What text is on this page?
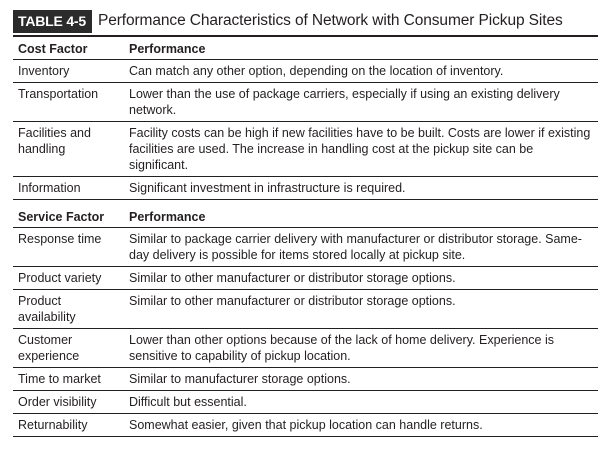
TABLE 4-5 Performance Characteristics of Network with Consumer Pickup Sites
Cost Factor	Performance
Inventory	Can match any other option, depending on the location of inventory.
Transportation	Lower than the use of package carriers, especially if using an existing delivery network.
Facilities and handling	Facility costs can be high if new facilities have to be built. Costs are lower if existing facilities are used. The increase in handling cost at the pickup site can be significant.
Information	Significant investment in infrastructure is required.
Service Factor	Performance
Response time	Similar to package carrier delivery with manufacturer or distributor storage. Same-day delivery is possible for items stored locally at pickup site.
Product variety	Similar to other manufacturer or distributor storage options.
Product availability	Similar to other manufacturer or distributor storage options.
Customer experience	Lower than other options because of the lack of home delivery. Experience is sensitive to capability of pickup location.
Time to market	Similar to manufacturer storage options.
Order visibility	Difficult but essential.
Returnability	Somewhat easier, given that pickup location can handle returns.
